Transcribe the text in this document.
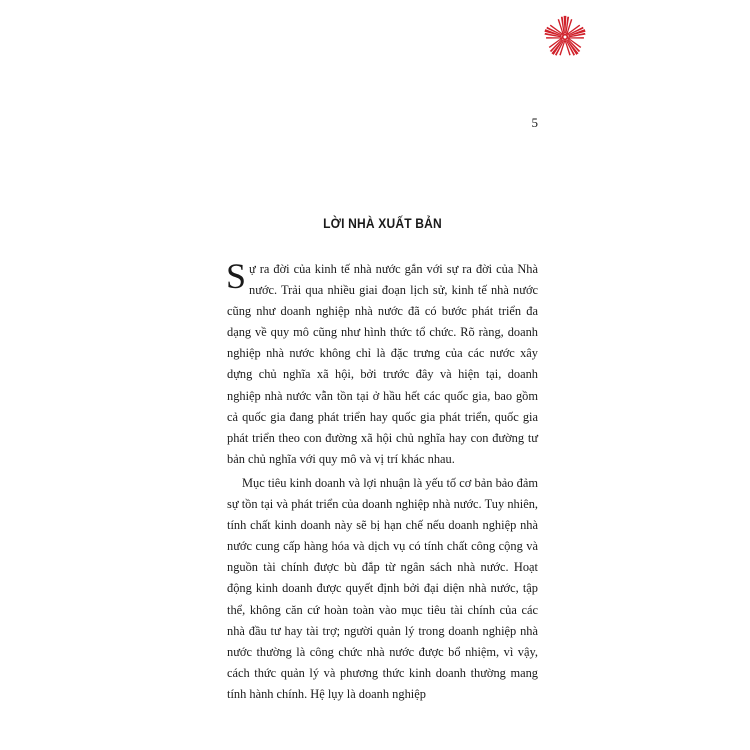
5
LỜI NHÀ XUẤT BẢN

Sự ra đời của kinh tế nhà nước gắn với sự ra đời của Nhà nước. Trải qua nhiều giai đoạn lịch sử, kinh tế nhà nước cũng như doanh nghiệp nhà nước đã có bước phát triển đa dạng về quy mô cũng như hình thức tổ chức. Rõ ràng, doanh nghiệp nhà nước không chỉ là đặc trưng của các nước xây dựng chủ nghĩa xã hội, bởi trước đây và hiện tại, doanh nghiệp nhà nước vẫn tồn tại ở hầu hết các quốc gia, bao gồm cả quốc gia đang phát triển hay quốc gia phát triển, quốc gia phát triển theo con đường xã hội chủ nghĩa hay con đường tư bản chủ nghĩa với quy mô và vị trí khác nhau.

Mục tiêu kinh doanh và lợi nhuận là yếu tố cơ bản bảo đảm sự tồn tại và phát triển của doanh nghiệp nhà nước. Tuy nhiên, tính chất kinh doanh này sẽ bị hạn chế nếu doanh nghiệp nhà nước cung cấp hàng hóa và dịch vụ có tính chất công cộng và nguồn tài chính được bù đắp từ ngân sách nhà nước. Hoạt động kinh doanh được quyết định bởi đại diện nhà nước, tập thể, không căn cứ hoàn toàn vào mục tiêu tài chính của các nhà đầu tư hay tài trợ; người quản lý trong doanh nghiệp nhà nước thường là công chức nhà nước được bổ nhiệm, vì vậy, cách thức quản lý và phương thức kinh doanh thường mang tính hành chính. Hệ lụy là doanh nghiệp
